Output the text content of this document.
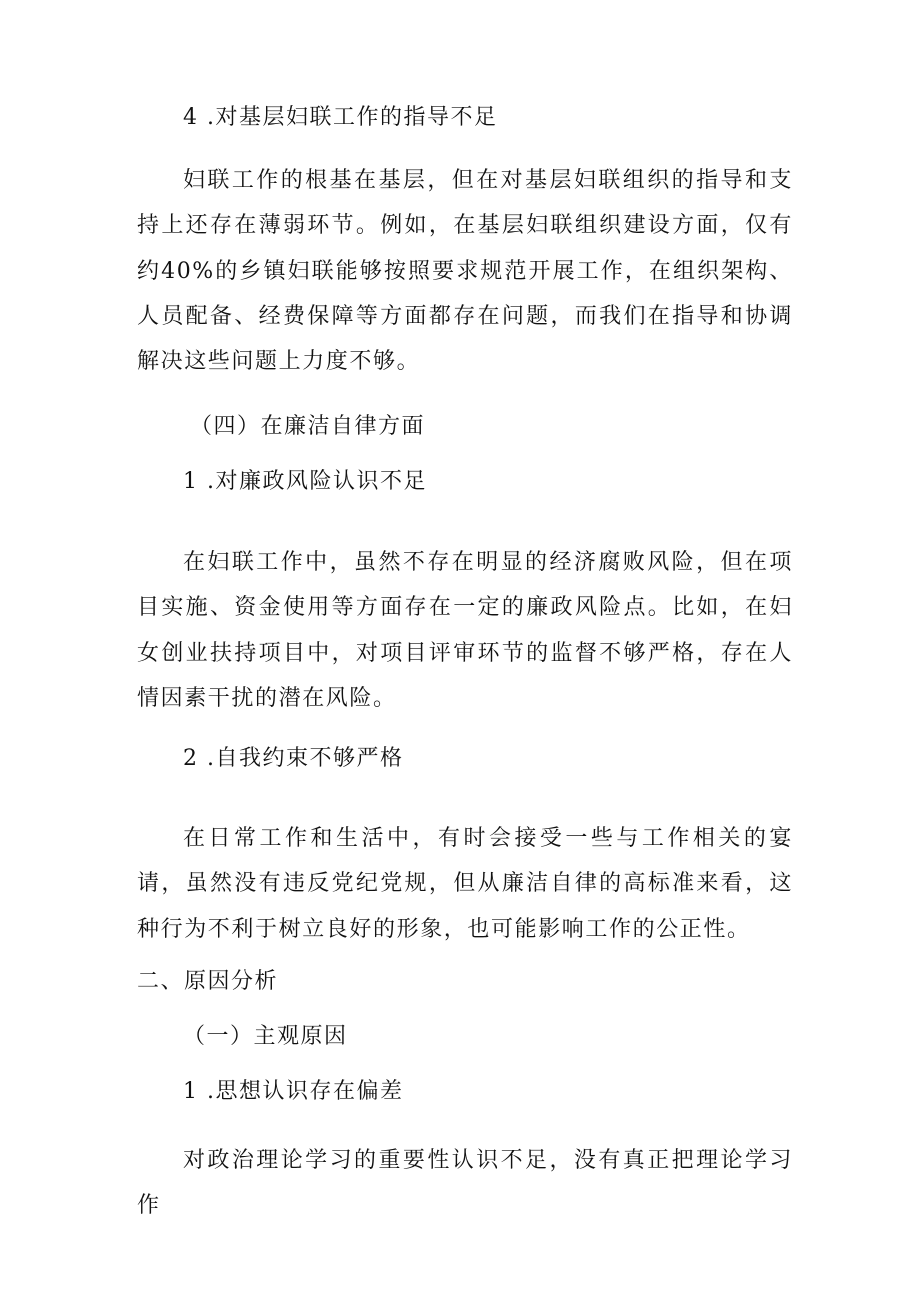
4 .对基层妇联工作的指导不足
妇联工作的根基在基层，但在对基层妇联组织的指导和支持上还存在薄弱环节。例如，在基层妇联组织建设方面，仅有约40%的乡镇妇联能够按照要求规范开展工作，在组织架构、人员配备、经费保障等方面都存在问题，而我们在指导和协调解决这些问题上力度不够。
（四）在廉洁自律方面
1 .对廉政风险认识不足
在妇联工作中，虽然不存在明显的经济腐败风险，但在项目实施、资金使用等方面存在一定的廉政风险点。比如，在妇女创业扶持项目中，对项目评审环节的监督不够严格，存在人情因素干扰的潜在风险。
2 .自我约束不够严格
在日常工作和生活中，有时会接受一些与工作相关的宴请，虽然没有违反党纪党规，但从廉洁自律的高标准来看，这种行为不利于树立良好的形象，也可能影响工作的公正性。
二、原因分析
（一）主观原因
1 .思想认识存在偏差
对政治理论学习的重要性认识不足，没有真正把理论学习作
